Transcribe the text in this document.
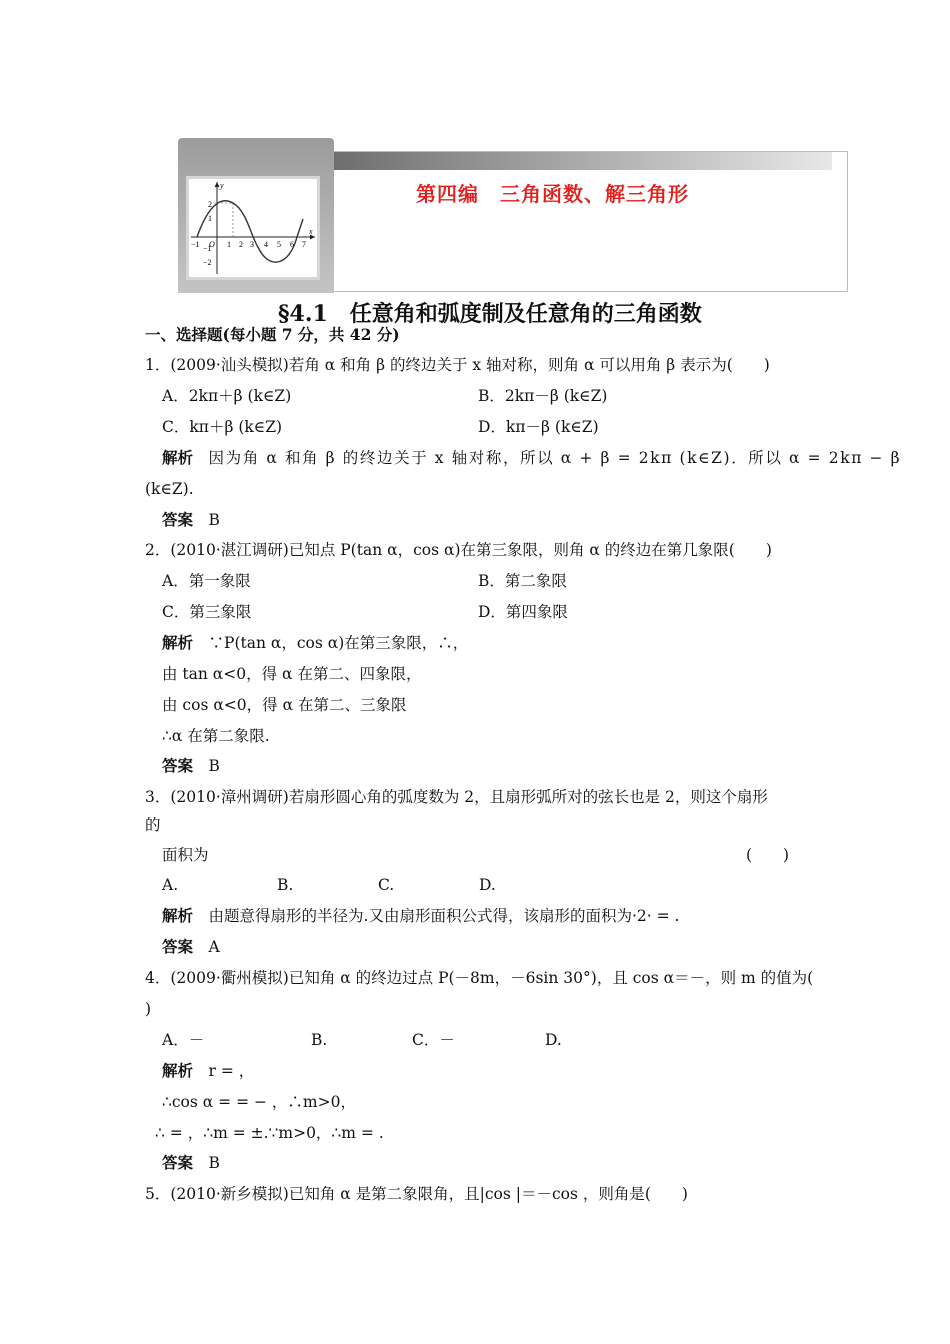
y
x
2
1
−1
−2
−1 O 1 2 3 4 5 6 7
第四编　三角函数、解三角形
§4.1　任意角和弧度制及任意角的三角函数
一、选择题(每小题 7 分，共 42 分)
1．(2009·汕头模拟)若角 α 和角 β 的终边关于 x 轴对称，则角 α 可以用角 β 表示为(　　)
A．2kπ＋β (k∈Z)	B．2kπ－β (k∈Z)
C．kπ＋β (k∈Z)	D．kπ－β (k∈Z)
解析　 因为角 α 和角 β 的终边关于 x 轴对称，所以 α + β = 2kπ (k∈Z)．所以 α = 2kπ − β
(k∈Z).
答案　 B
2．(2010·湛江调研)已知点 P(tan α，cos α)在第三象限，则角 α 的终边在第几象限(　　)
A．第一象限	B．第二象限
C．第三象限	D．第四象限
解析　 ∵P(tan α，cos α)在第三象限，∴，
由 tan α<0，得 α 在第二、四象限，
由 cos α<0，得 α 在第二、三象限
∴α 在第二象限.
答案　 B
3．(2010·漳州调研)若扇形圆心角的弧度数为 2，且扇形弧所对的弦长也是 2，则这个扇形
的
面积为	(　　)
A.	B.	C.	D.
解析　 由题意得扇形的半径为.又由扇形面积公式得，该扇形的面积为·2· = .
答案　 A
4．(2009·衢州模拟)已知角 α 的终边过点 P(－8m，－6sin 30°)，且 cos α＝－，则 m 的值为(
)
A．－	B.	C．－	D.
解析　 r = ，
∴cos α = = − ，∴m>0，
∴ = ，∴m = ±.∵m>0，∴m = .
答案　 B
5．(2010·新乡模拟)已知角 α 是第二象限角，且|cos |＝－cos ，则角是(　　)
